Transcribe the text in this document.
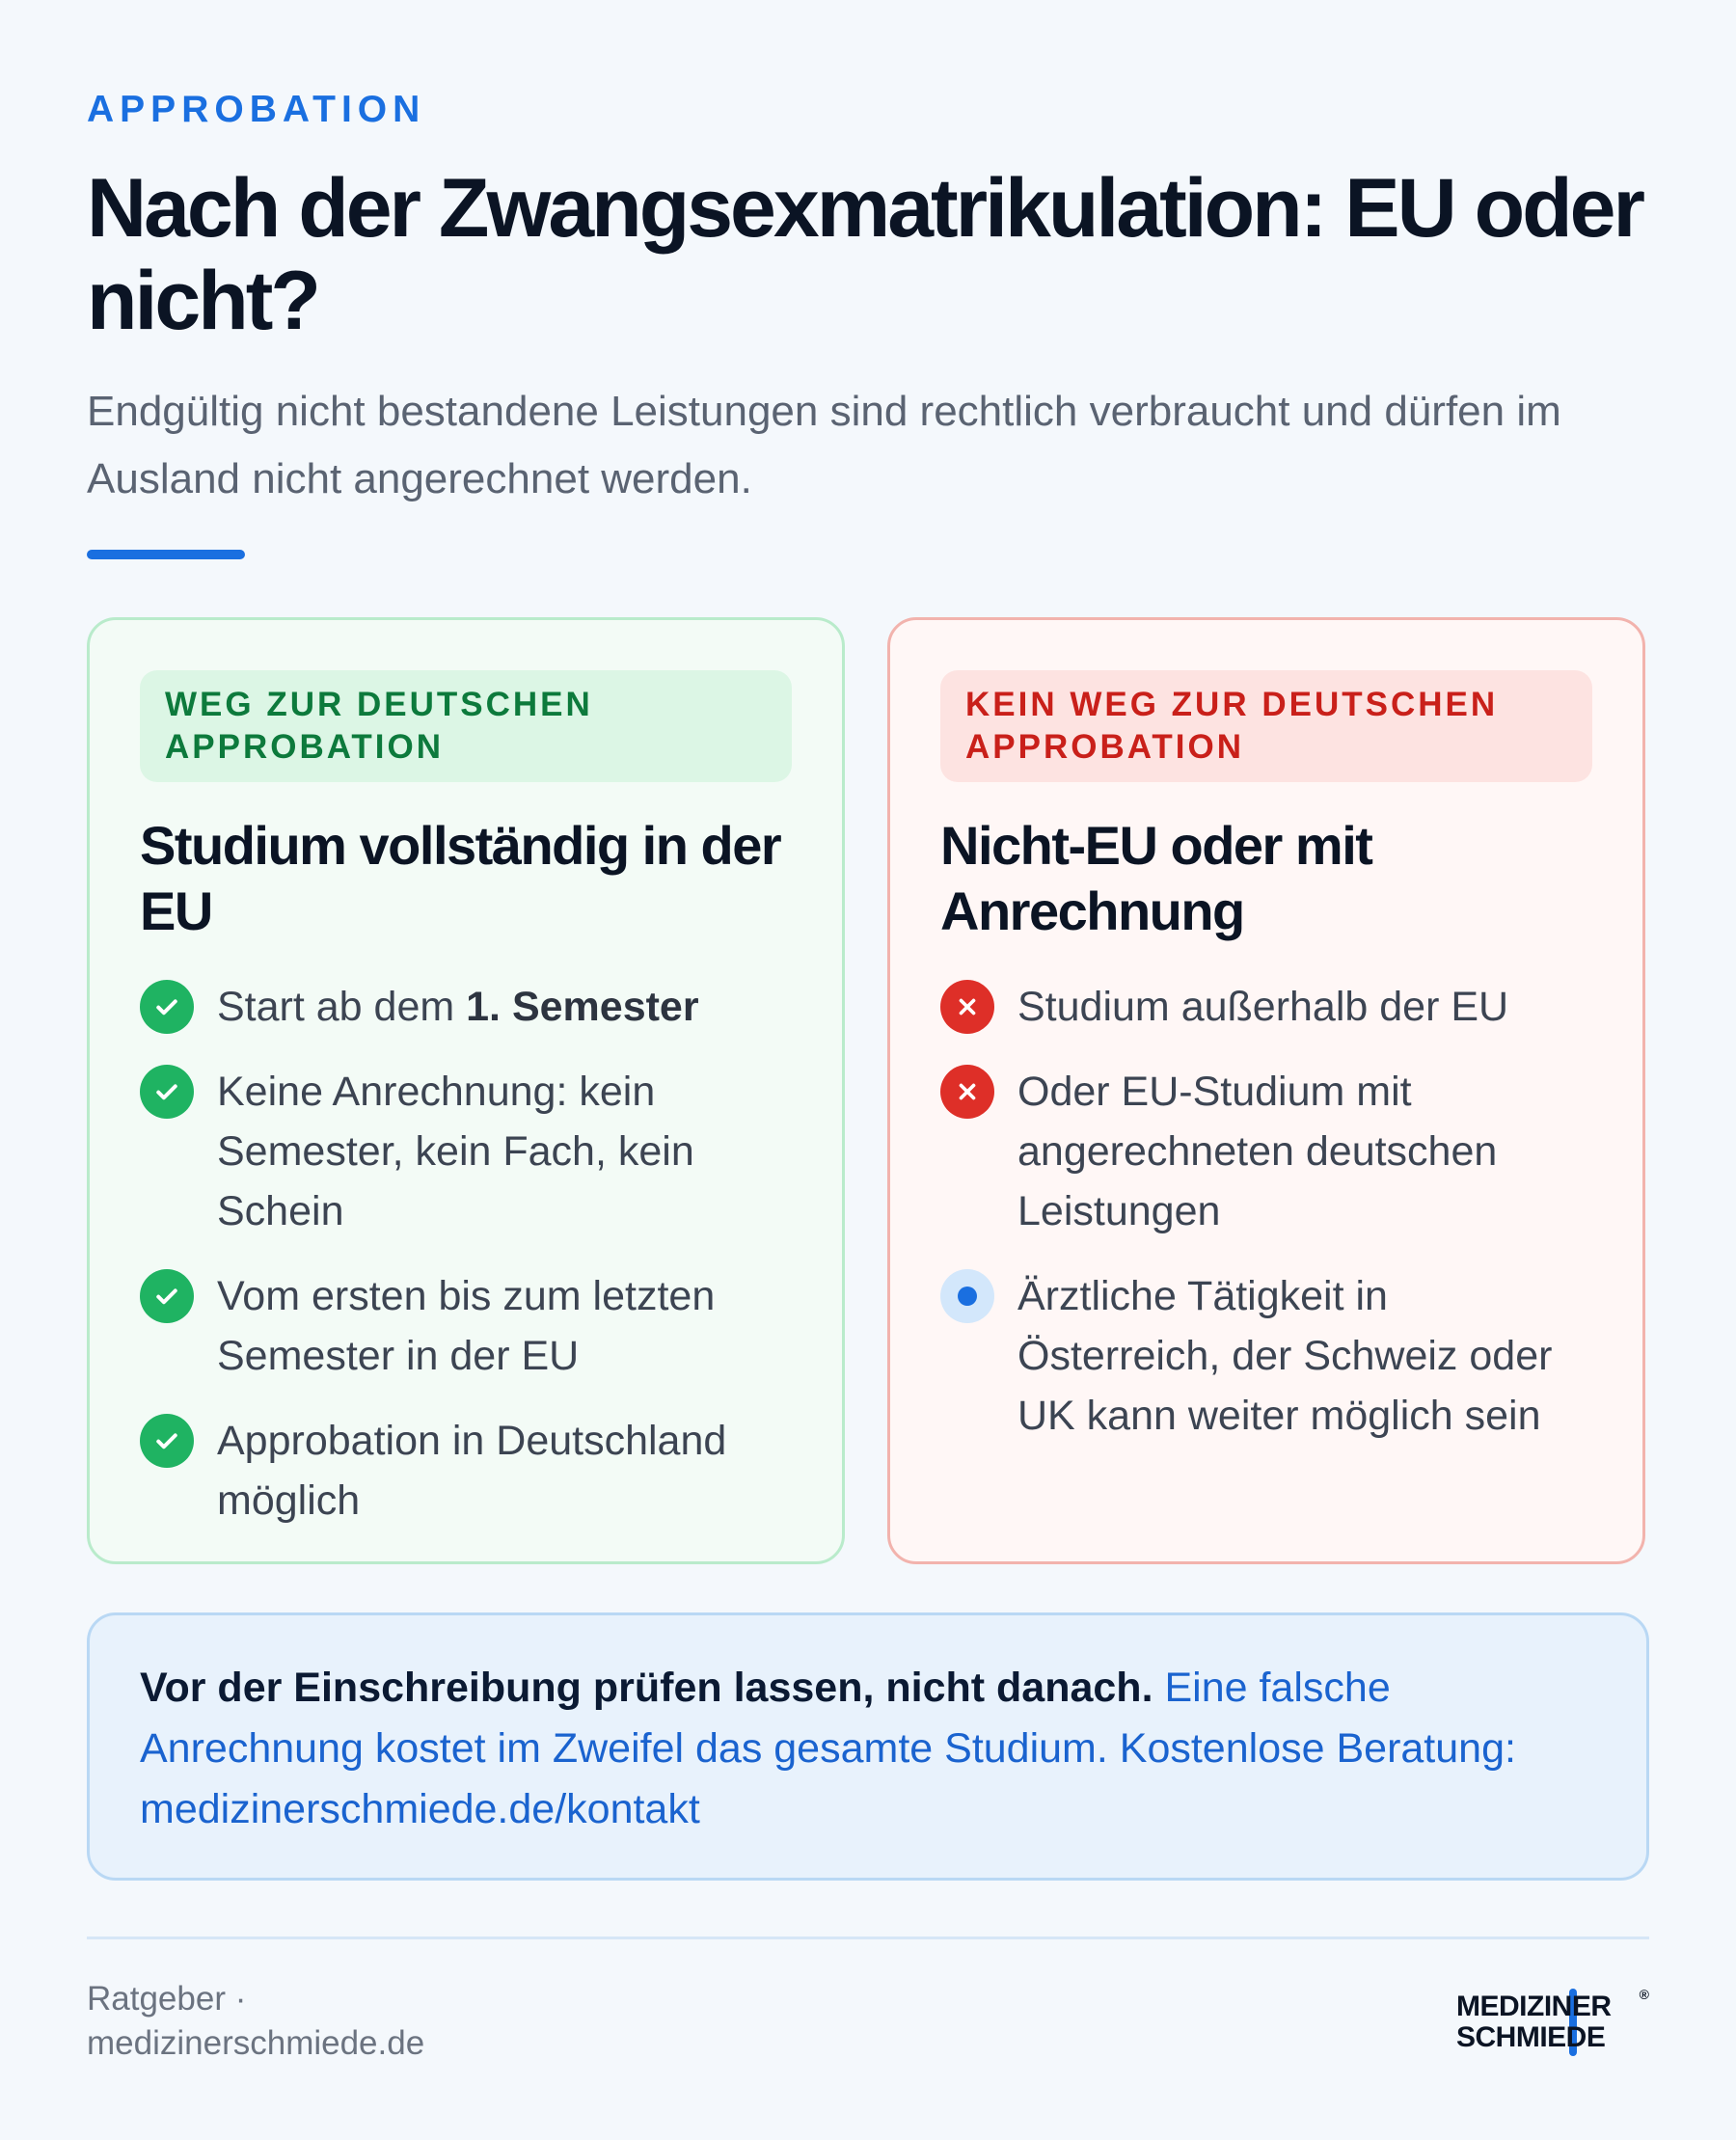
APPROBATION
Nach der Zwangsexmatrikulation: EU oder nicht?

Endgültig nicht bestandene Leistungen sind rechtlich verbraucht und dürfen im Ausland nicht angerechnet werden.

WEG ZUR DEUTSCHEN APPROBATION
Studium vollständig in der EU
Start ab dem 1. Semester
Keine Anrechnung: kein Semester, kein Fach, kein Schein
Vom ersten bis zum letzten Semester in der EU
Approbation in Deutschland möglich
KEIN WEG ZUR DEUTSCHEN APPROBATION
Nicht-EU oder mit Anrechnung
Studium außerhalb der EU
Oder EU-Studium mit angerechneten deutschen Leistungen
Ärztliche Tätigkeit in Österreich, der Schweiz oder UK kann weiter möglich sein
Vor der Einschreibung prüfen lassen, nicht danach. Eine falsche Anrechnung kostet im Zweifel das gesamte Studium. Kostenlose Beratung: medizinerschmiede.de/kontakt
Ratgeber ·
medizinerschmiede.de
MEDIZINER
SCHMIEDE
®
